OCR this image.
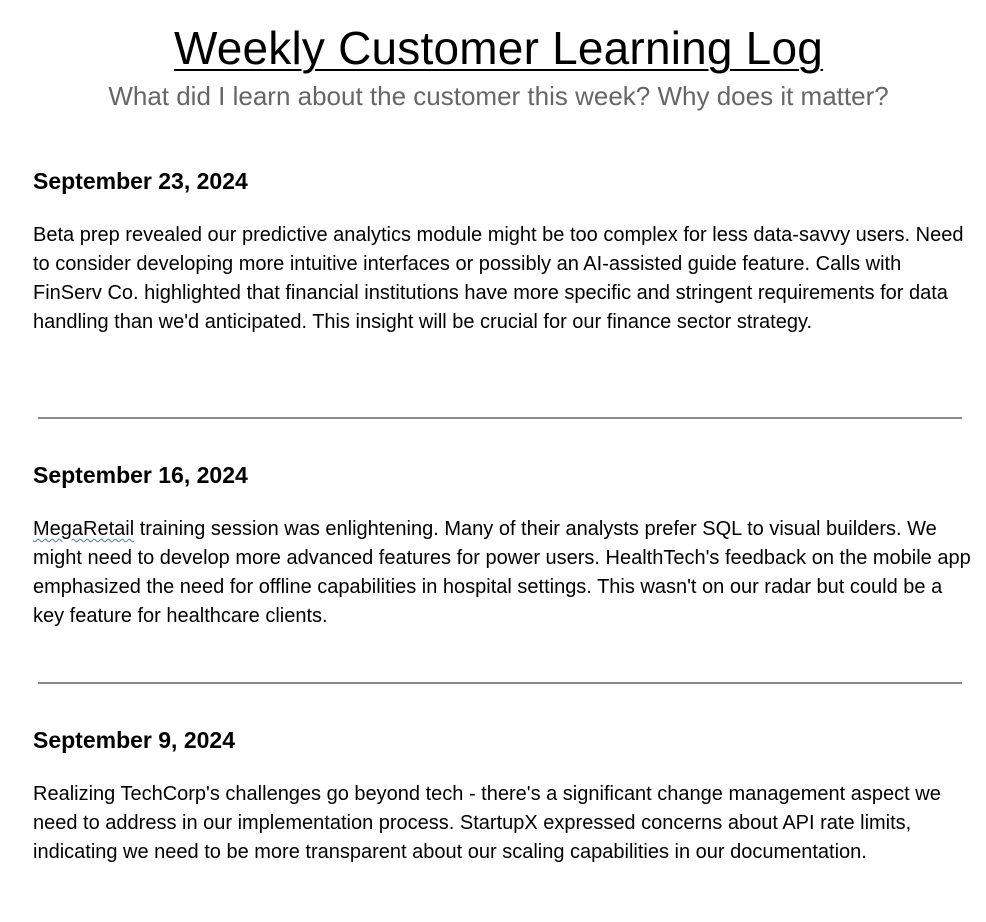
Weekly Customer Learning Log

What did I learn about the customer this week? Why does it matter?

September 23, 2024

Beta prep revealed our predictive analytics module might be too complex for less data-savvy users. Need to consider developing more intuitive interfaces or possibly an AI-assisted guide feature. Calls with FinServ Co. highlighted that financial institutions have more specific and stringent requirements for data handling than we'd anticipated. This insight will be crucial for our finance sector strategy.

September 16, 2024

MegaRetail training session was enlightening. Many of their analysts prefer SQL to visual builders. We might need to develop more advanced features for power users. HealthTech's feedback on the mobile app emphasized the need for offline capabilities in hospital settings. This wasn't on our radar but could be a key feature for healthcare clients.

September 9, 2024

Realizing TechCorp's challenges go beyond tech - there's a significant change management aspect we need to address in our implementation process. StartupX expressed concerns about API rate limits, indicating we need to be more transparent about our scaling capabilities in our documentation.
